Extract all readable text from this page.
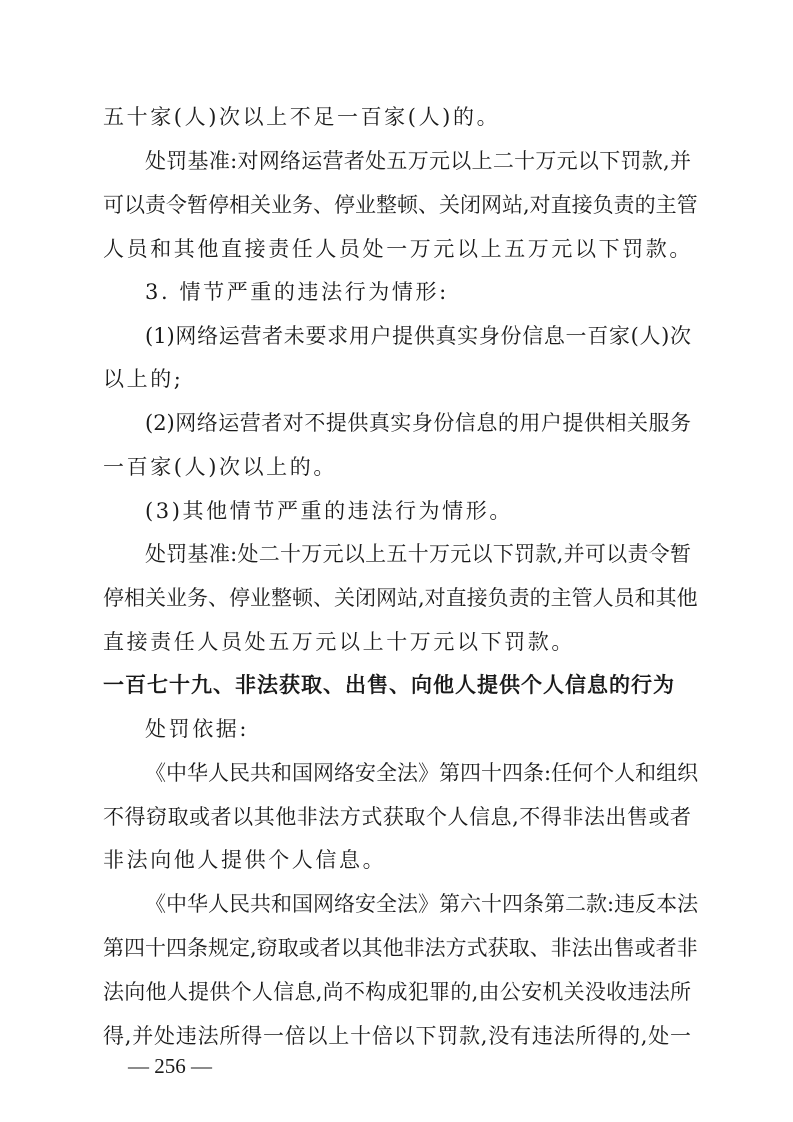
五十家(人)次以上不足一百家(人)的。
处罚基准:对网络运营者处五万元以上二十万元以下罚款,并
可以责令暂停相关业务、停业整顿、关闭网站,对直接负责的主管
人员和其他直接责任人员处一万元以上五万元以下罚款。
3. 情节严重的违法行为情形:
(1)网络运营者未要求用户提供真实身份信息一百家(人)次
以上的;
(2)网络运营者对不提供真实身份信息的用户提供相关服务
一百家(人)次以上的。
(3)其他情节严重的违法行为情形。
处罚基准:处二十万元以上五十万元以下罚款,并可以责令暂
停相关业务、停业整顿、关闭网站,对直接负责的主管人员和其他
直接责任人员处五万元以上十万元以下罚款。
一百七十九、非法获取、出售、向他人提供个人信息的行为
处罚依据:
《中华人民共和国网络安全法》第四十四条:任何个人和组织
不得窃取或者以其他非法方式获取个人信息,不得非法出售或者
非法向他人提供个人信息。
《中华人民共和国网络安全法》第六十四条第二款:违反本法
第四十四条规定,窃取或者以其他非法方式获取、非法出售或者非
法向他人提供个人信息,尚不构成犯罪的,由公安机关没收违法所
得,并处违法所得一倍以上十倍以下罚款,没有违法所得的,处一
— 256 —
